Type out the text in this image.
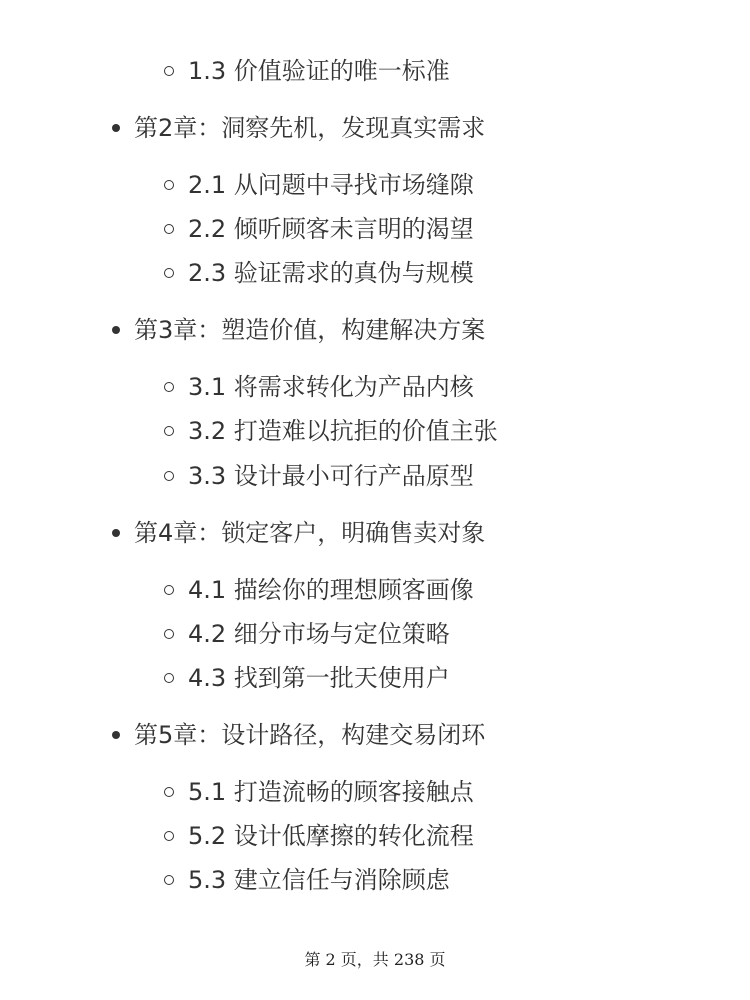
1.3 价值验证的唯一标准
第2章：洞察先机，发现真实需求
2.1 从问题中寻找市场缝隙
2.2 倾听顾客未言明的渴望
2.3 验证需求的真伪与规模
第3章：塑造价值，构建解决方案
3.1 将需求转化为产品内核
3.2 打造难以抗拒的价值主张
3.3 设计最小可行产品原型
第4章：锁定客户，明确售卖对象
4.1 描绘你的理想顾客画像
4.2 细分市场与定位策略
4.3 找到第一批天使用户
第5章：设计路径，构建交易闭环
5.1 打造流畅的顾客接触点
5.2 设计低摩擦的转化流程
5.3 建立信任与消除顾虑
第 2 页，共 238 页
